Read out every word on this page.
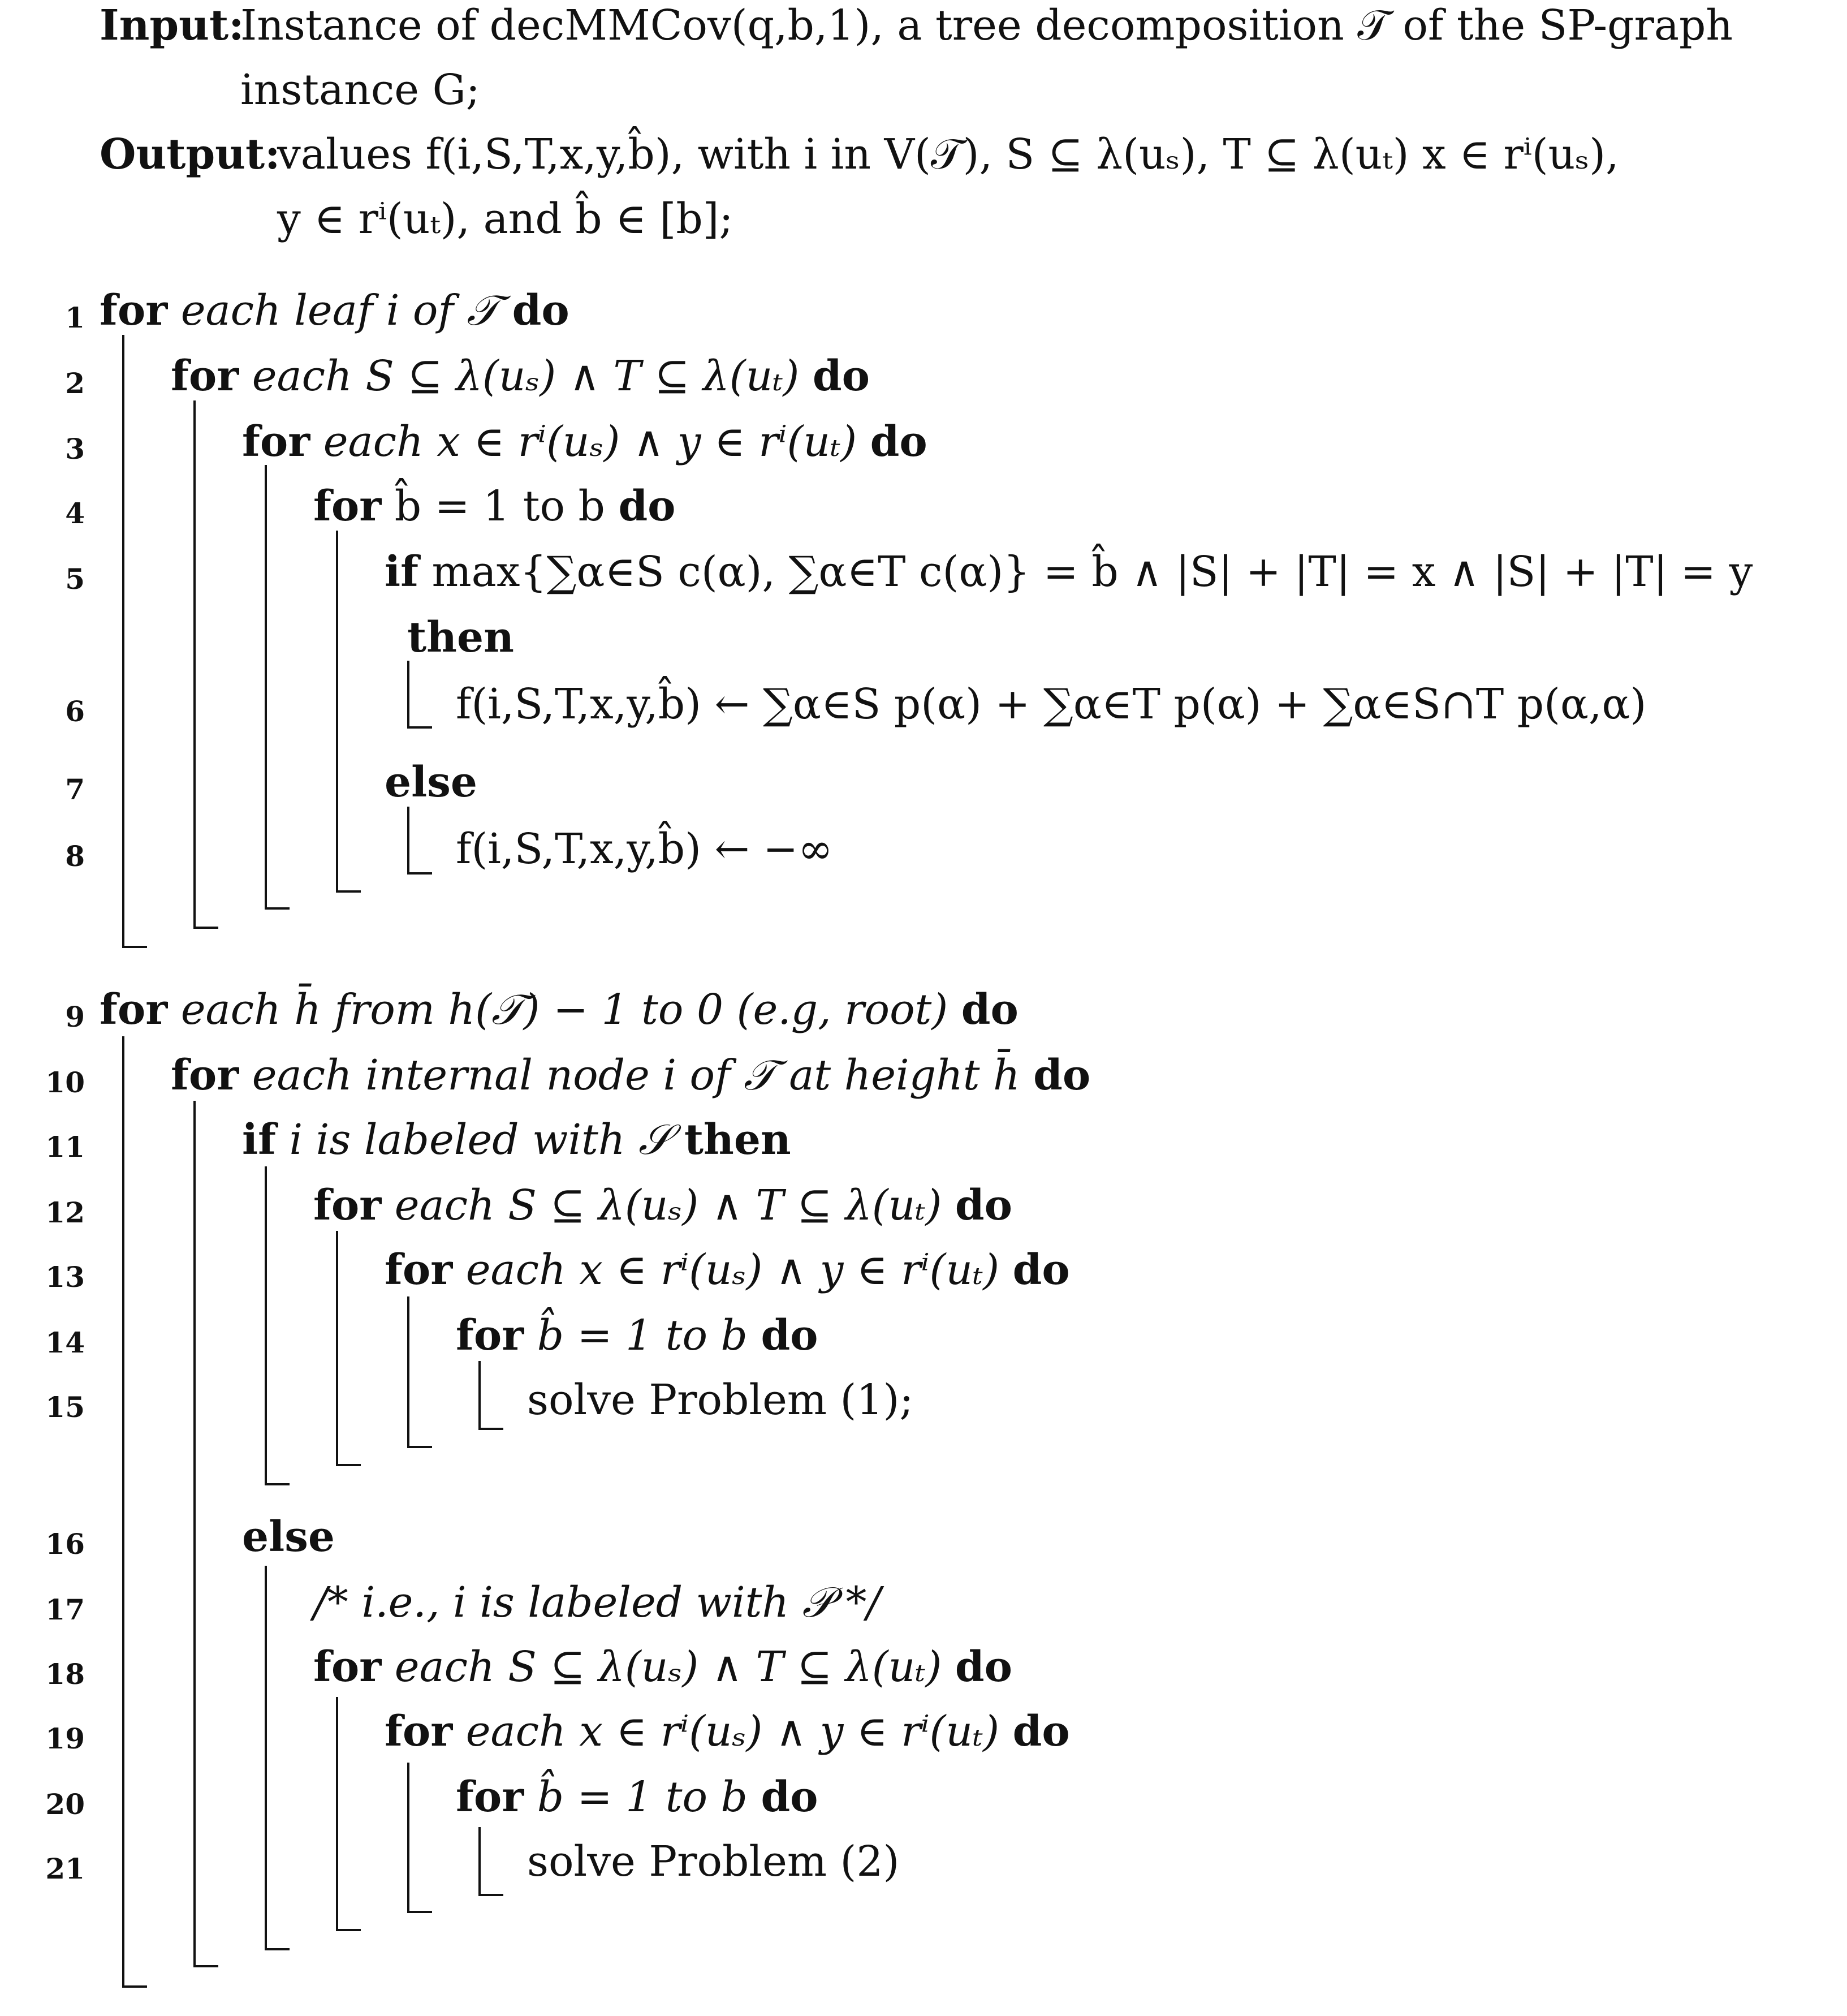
Input:
Instance of decMMCov(q,b,1), a tree decomposition 𝒯 of the SP-graph
instance G;
Output:
values f(i,S,T,x,y,b̂), with i in V(𝒯), S ⊆ λ(uₛ), T ⊆ λ(uₜ) x ∈ rⁱ(uₛ),
y ∈ rⁱ(uₜ), and b̂ ∈ [b];
for each leaf i of 𝒯 do
1
for each S ⊆ λ(uₛ) ∧ T ⊆ λ(uₜ) do
2
for each x ∈ rⁱ(uₛ) ∧ y ∈ rⁱ(uₜ) do
3
for b̂ = 1 to b do
4
if max{∑α∈S c(α), ∑α∈T c(α)} = b̂ ∧ |S| + |T| = x ∧ |S| + |T| = y
5
then
f(i,S,T,x,y,b̂) ← ∑α∈S p(α) + ∑α∈T p(α) + ∑α∈S∩T p(α,α)
6
else
7
f(i,S,T,x,y,b̂) ← −∞
8
for each h̄ from h(𝒯) − 1 to 0 (e.g, root) do
9
for each internal node i of 𝒯 at height h̄ do
10
if i is labeled with 𝒮 then
11
for each S ⊆ λ(uₛ) ∧ T ⊆ λ(uₜ) do
12
for each x ∈ rⁱ(uₛ) ∧ y ∈ rⁱ(uₜ) do
13
for b̂ = 1 to b do
14
solve Problem (1);
15
else
16
/* i.e., i is labeled with 𝒫 */
17
for each S ⊆ λ(uₛ) ∧ T ⊆ λ(uₜ) do
18
for each x ∈ rⁱ(uₛ) ∧ y ∈ rⁱ(uₜ) do
19
for b̂ = 1 to b do
20
solve Problem (2)
21
